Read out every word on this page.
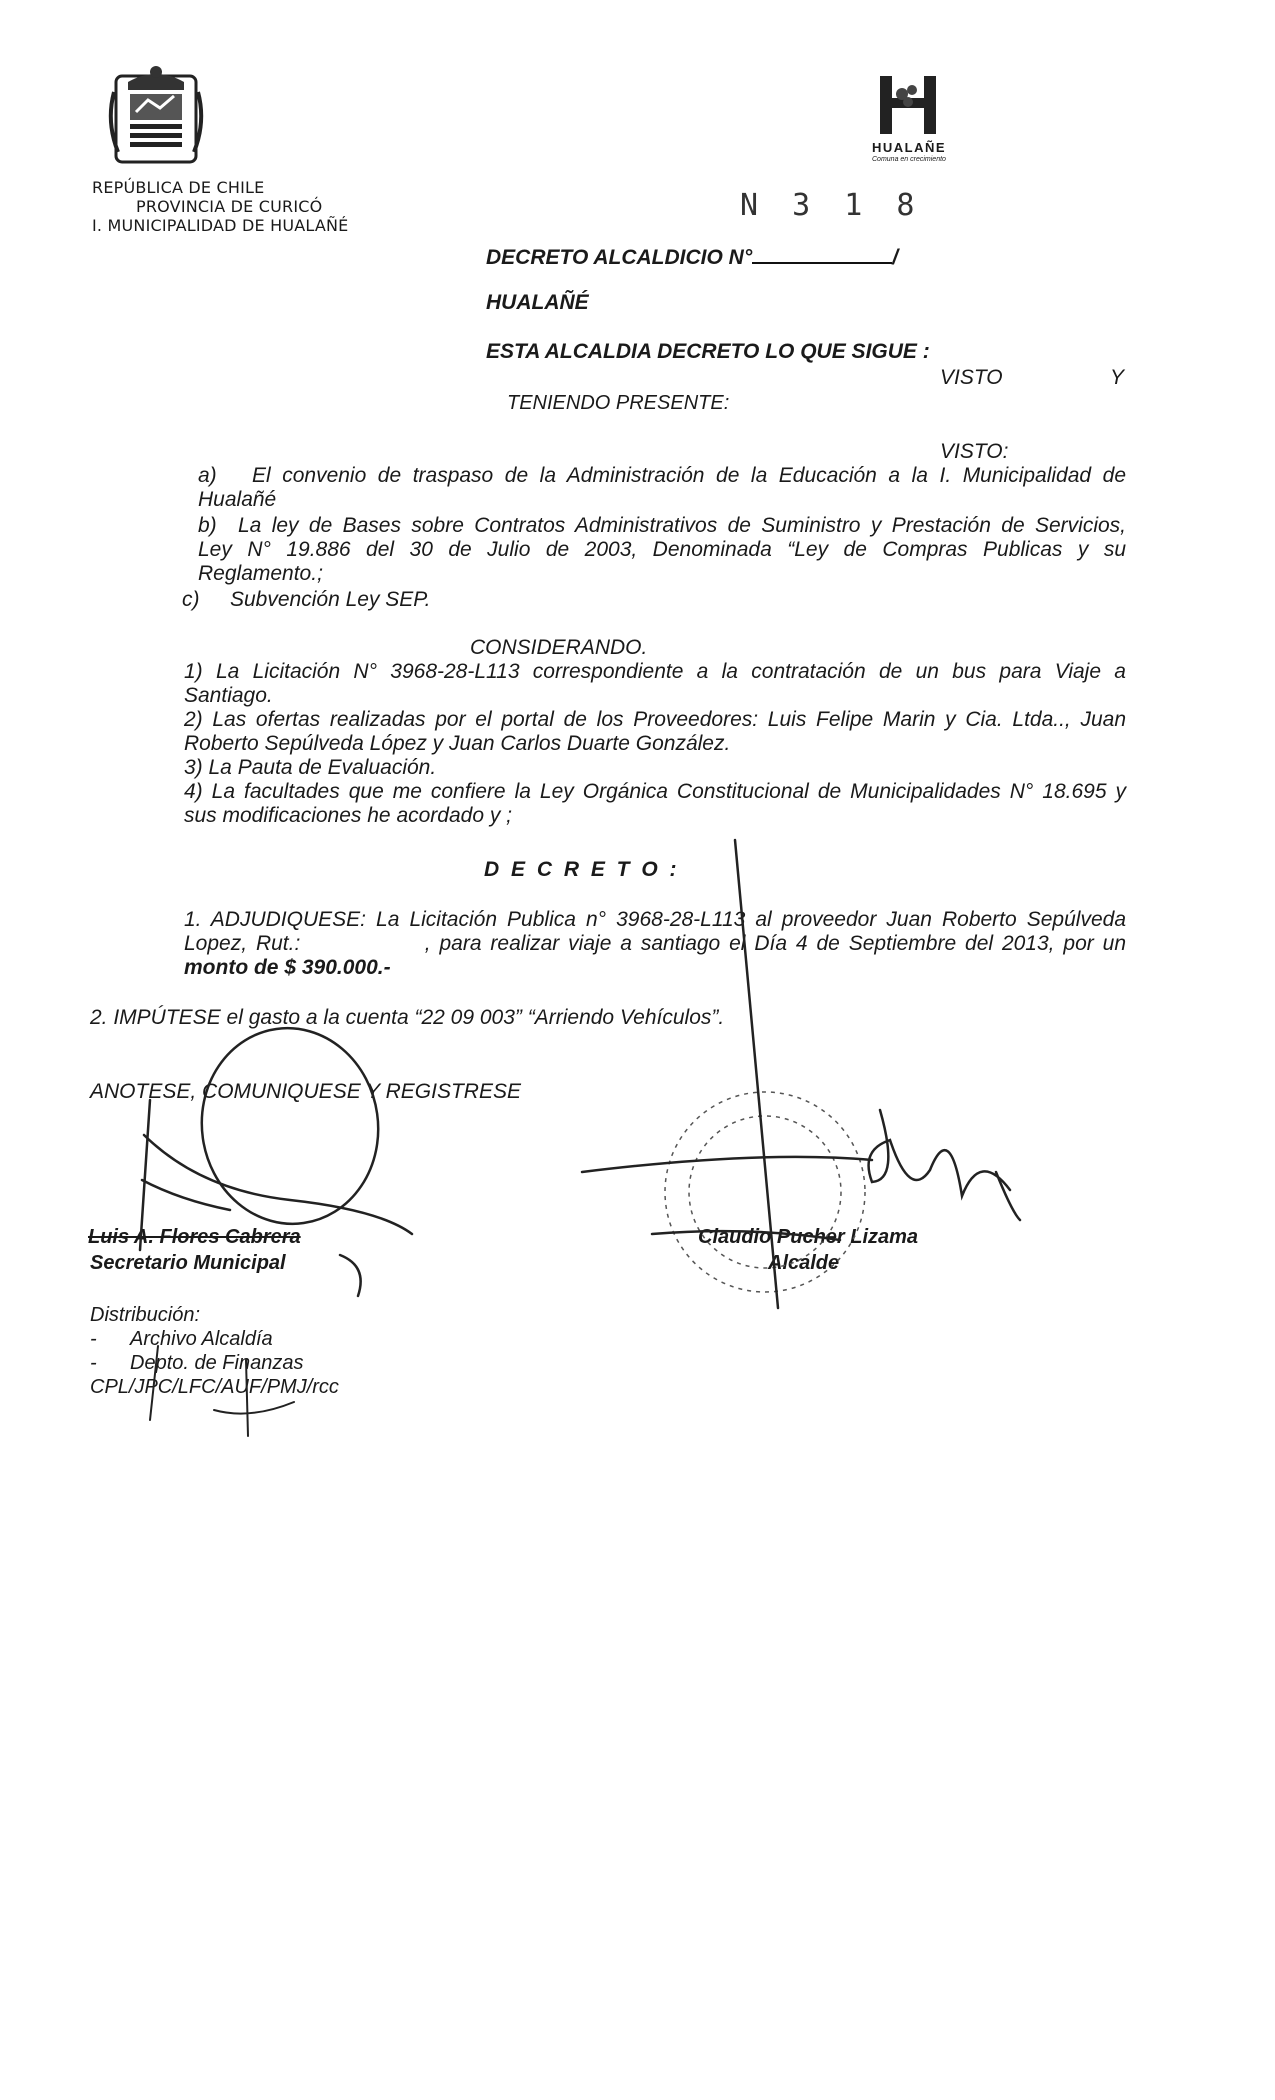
REPÚBLICA DE CHILE
PROVINCIA DE CURICÓ
I. MUNICIPALIDAD DE HUALAÑÉ
HUALAÑE
Comuna en crecimiento
N 3 1 8
DECRETO ALCALDICIO N°	/
HUALAÑÉ
ESTA ALCALDIA DECRETO LO QUE SIGUE :
VISTO	Y
TENIENDO PRESENTE:
VISTO:
a) El convenio de traspaso de la Administración de la Educación a la I. Municipalidad de
Hualañé
b) La ley de Bases sobre Contratos Administrativos de Suministro y Prestación de Servicios,
Ley N° 19.886 del 30 de Julio de 2003, Denominada “Ley de Compras Publicas y su
Reglamento.;
c) Subvención Ley SEP.
CONSIDERANDO.
1) La Licitación N° 3968-28-L113 correspondiente a la contratación de un bus para Viaje a
Santiago.
2) Las ofertas realizadas por el portal de los Proveedores: Luis Felipe Marin y Cia. Ltda.., Juan
Roberto Sepúlveda López y Juan Carlos Duarte González.
3) La Pauta de Evaluación.
4) La facultades que me confiere la Ley Orgánica Constitucional de Municipalidades N° 18.695 y
sus modificaciones he acordado y ;
D E C R E T O :
1. ADJUDIQUESE: La Licitación Publica n° 3968-28-L113 al proveedor Juan Roberto Sepúlveda
Lopez, Rut.:              , para realizar viaje a santiago el Día 4 de Septiembre del 2013, por un
monto de $ 390.000.-
2. IMPÚTESE el gasto a la cuenta “22 09 003” “Arriendo Vehículos”.
ANOTESE, COMUNIQUESE Y REGISTRESE
Luis A. Flores Cabrera
Secretario Municipal
Claudio Pucher Lizama
Alcalde
Distribución:
- Archivo Alcaldía
- Depto. de Finanzas
CPL/JPC/LFC/AUF/PMJ/rcc
